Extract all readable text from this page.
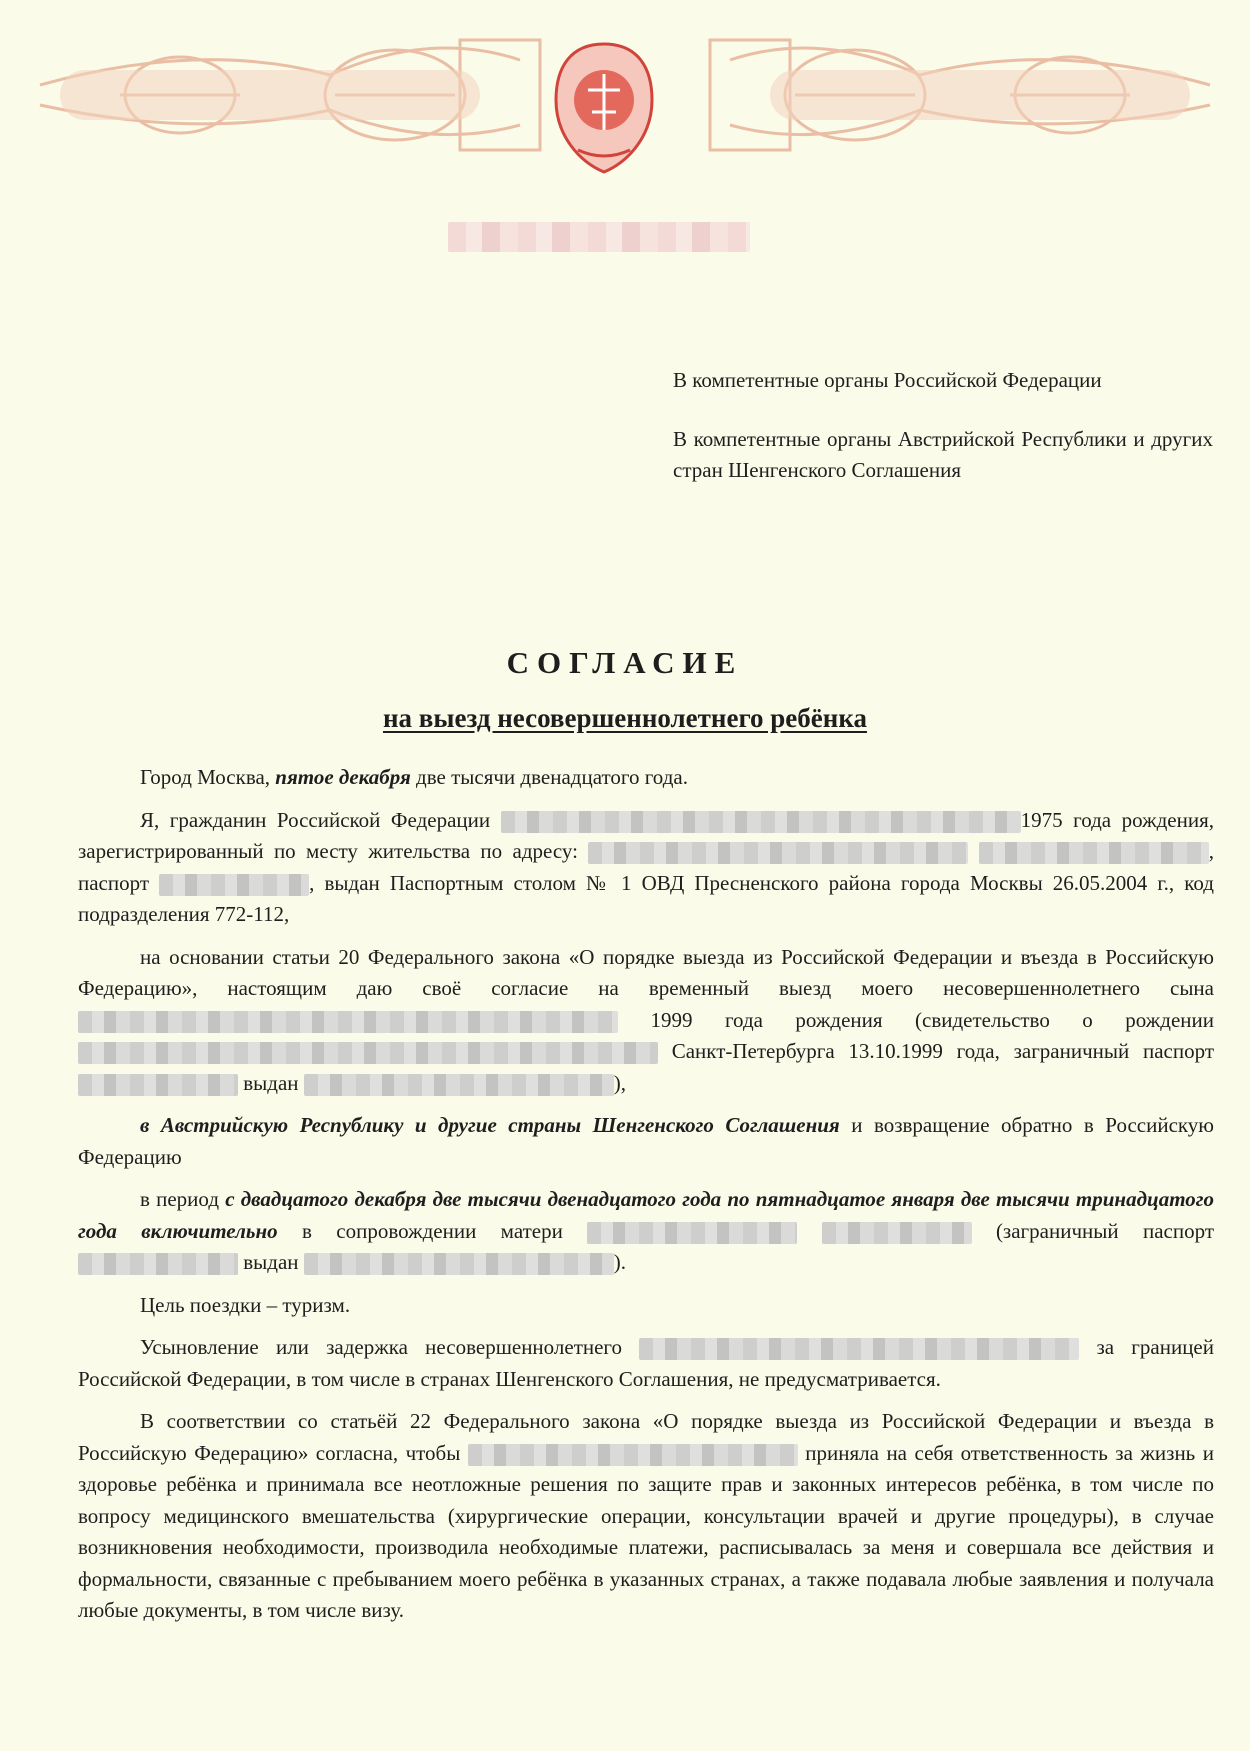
В компетентные органы Российской Федерации

В компетентные органы Австрийской Республики и других стран Шенгенского Соглашения

СОГЛАСИЕ
на выезд несовершеннолетнего ребёнка

Город Москва, пятое декабря две тысячи двенадцатого года.

Я, гражданин Российской Федерации	1975 года рождения, зарегистрированный по месту жительства по адресу:	, паспорт	, выдан Паспортным столом № 1 ОВД Пресненского района города Москвы 26.05.2004 г., код подразделения 772-112,

на основании статьи 20 Федерального закона «О порядке выезда из Российской Федерации и въезда в Российскую Федерацию», настоящим даю своё согласие на временный выезд моего несовершеннолетнего сына  1999 года рождения (свидетельство о рождении  Санкт-Петербурга 13.10.1999 года, заграничный паспорт  выдан	),

в Австрийскую Республику и другие страны Шенгенского Соглашения и возвращение обратно в Российскую Федерацию

в период с двадцатого декабря две тысячи двенадцатого года по пятнадцатое января две тысячи тринадцатого года включительно в сопровождении матери	(заграничный паспорт  выдан	).

Цель поездки – туризм.

Усыновление или задержка несовершеннолетнего	за границей Российской Федерации, в том числе в странах Шенгенского Соглашения, не предусматривается.

В соответствии со статьёй 22 Федерального закона «О порядке выезда из Российской Федерации и въезда в Российскую Федерацию» согласна, чтобы	приняла на себя ответственность за жизнь и здоровье ребёнка и принимала все неотложные решения по защите прав и законных интересов ребёнка, в том числе по вопросу медицинского вмешательства (хирургические операции, консультации врачей и другие процедуры), в случае возникновения необходимости, производила необходимые платежи, расписывалась за меня и совершала все действия и формальности, связанные с пребыванием моего ребёнка в указанных странах, а также подавала любые заявления и получала любые документы, в том числе визу.
